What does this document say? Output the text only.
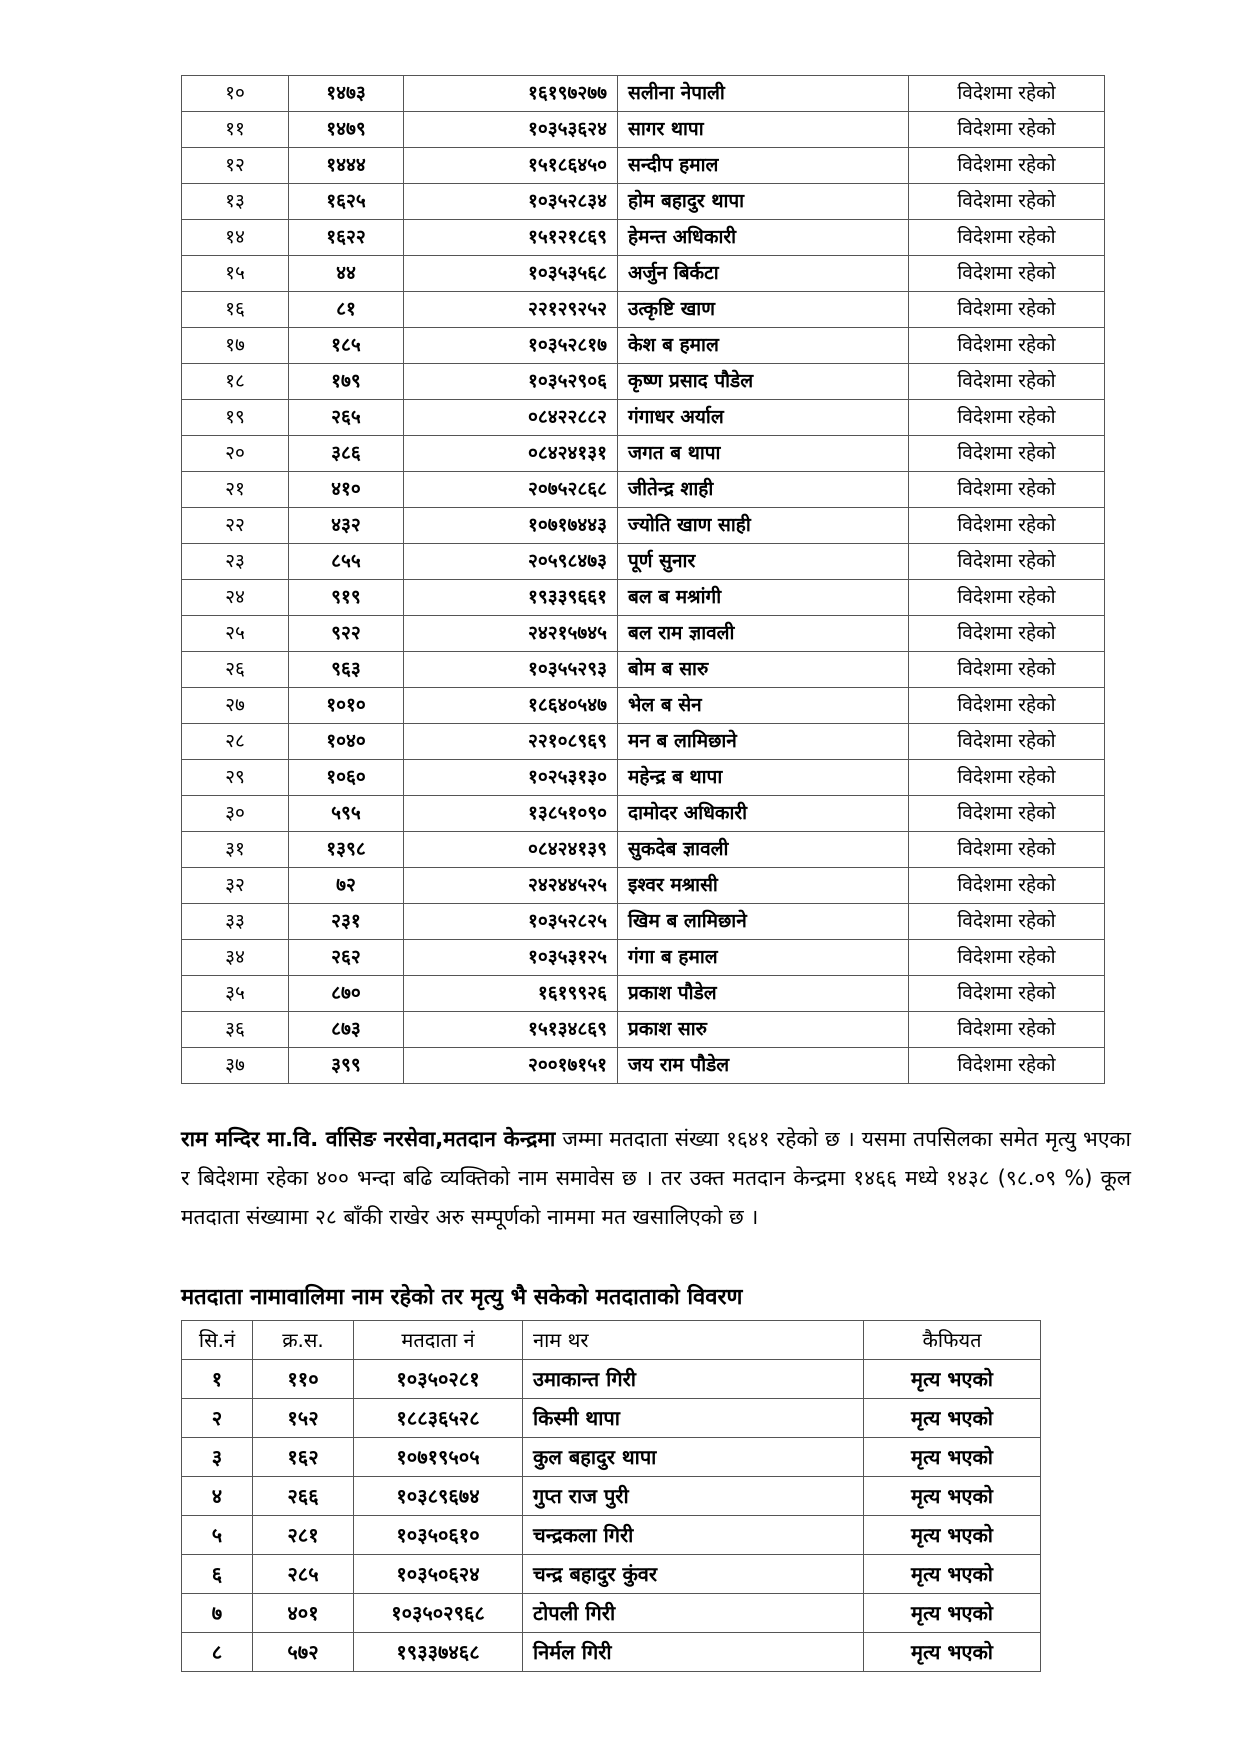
१०	१४७३	१६१९७२७७	सलीना नेपाली	विदेशमा रहेको
११	१४७९	१०३५३६२४	सागर थापा	विदेशमा रहेको
१२	१४४४	१५१८६४५०	सन्दीप हमाल	विदेशमा रहेको
१३	१६२५	१०३५२८३४	होम बहादुर थापा	विदेशमा रहेको
१४	१६२२	१५१२१८६९	हेमन्त अधिकारी	विदेशमा रहेको
१५	४४	१०३५३५६८	अर्जुन बिर्कटा	विदेशमा रहेको
१६	८१	२२१२९२५२	उत्कृष्टि खाण	विदेशमा रहेको
१७	१८५	१०३५२८१७	केश ब हमाल	विदेशमा रहेको
१८	१७९	१०३५२९०६	कृष्ण प्रसाद पौडेल	विदेशमा रहेको
१९	२६५	०८४२२८८२	गंगाधर अर्याल	विदेशमा रहेको
२०	३८६	०८४२४१३१	जगत ब थापा	विदेशमा रहेको
२१	४१०	२०७५२८६८	जीतेन्द्र शाही	विदेशमा रहेको
२२	४३२	१०७१७४४३	ज्योति खाण साही	विदेशमा रहेको
२३	८५५	२०५९८४७३	पूर्ण सुनार	विदेशमा रहेको
२४	९१९	१९३३९६६१	बल ब मश्रांगी	विदेशमा रहेको
२५	९२२	२४२१५७४५	बल राम ज्ञावली	विदेशमा रहेको
२६	९६३	१०३५५२९३	बोम ब सारु	विदेशमा रहेको
२७	१०१०	१८६४०५४७	भेल ब सेन	विदेशमा रहेको
२८	१०४०	२२१०८९६९	मन ब लामिछाने	विदेशमा रहेको
२९	१०६०	१०२५३१३०	महेन्द्र ब थापा	विदेशमा रहेको
३०	५९५	१३८५१०९०	दामोदर अधिकारी	विदेशमा रहेको
३१	१३९८	०८४२४१३९	सुकदेब ज्ञावली	विदेशमा रहेको
३२	७२	२४२४४५२५	इश्वर मश्रासी	विदेशमा रहेको
३३	२३१	१०३५२८२५	खिम ब लामिछाने	विदेशमा रहेको
३४	२६२	१०३५३१२५	गंगा ब हमाल	विदेशमा रहेको
३५	८७०	१६१९९२६	प्रकाश पौडेल	विदेशमा रहेको
३६	८७३	१५१३४८६९	प्रकाश सारु	विदेशमा रहेको
३७	३९९	२००१७१५१	जय राम पौडेल	विदेशमा रहेको

राम मन्दिर मा.वि. र्वासिङ नरसेवा,मतदान केन्द्रमा जम्मा मतदाता संख्या १६४१ रहेको छ । यसमा तपसिलका समेत मृत्यु भएका र बिदेशमा रहेका ४०० भन्दा बढि व्यक्तिको नाम समावेस छ । तर उक्त मतदान केन्द्रमा १४६६ मध्ये १४३८ (९८.०९ %) कूल मतदाता संख्यामा २८ बाँकी राखेर अरु सम्पूर्णको नाममा मत खसालिएको छ ।

मतदाता नामावालिमा नाम रहेको तर मृत्यु भै सकेको मतदाताको विवरण
सि.नं	क्र.स.	मतदाता नं	नाम थर	कैफियत
१	११०	१०३५०२८१	उमाकान्त गिरी	मृत्य भएको
२	१५२	१८८३६५२८	किस्मी थापा	मृत्य भएको
३	१६२	१०७१९५०५	कुल बहादुर थापा	मृत्य भएको
४	२६६	१०३८९६७४	गुप्त राज पुरी	मृत्य भएको
५	२८१	१०३५०६१०	चन्द्रकला गिरी	मृत्य भएको
६	२८५	१०३५०६२४	चन्द्र बहादुर कुंवर	मृत्य भएको
७	४०१	१०३५०२९६८	टोपली गिरी	मृत्य भएको
८	५७२	१९३३७४६८	निर्मल गिरी	मृत्य भएको
